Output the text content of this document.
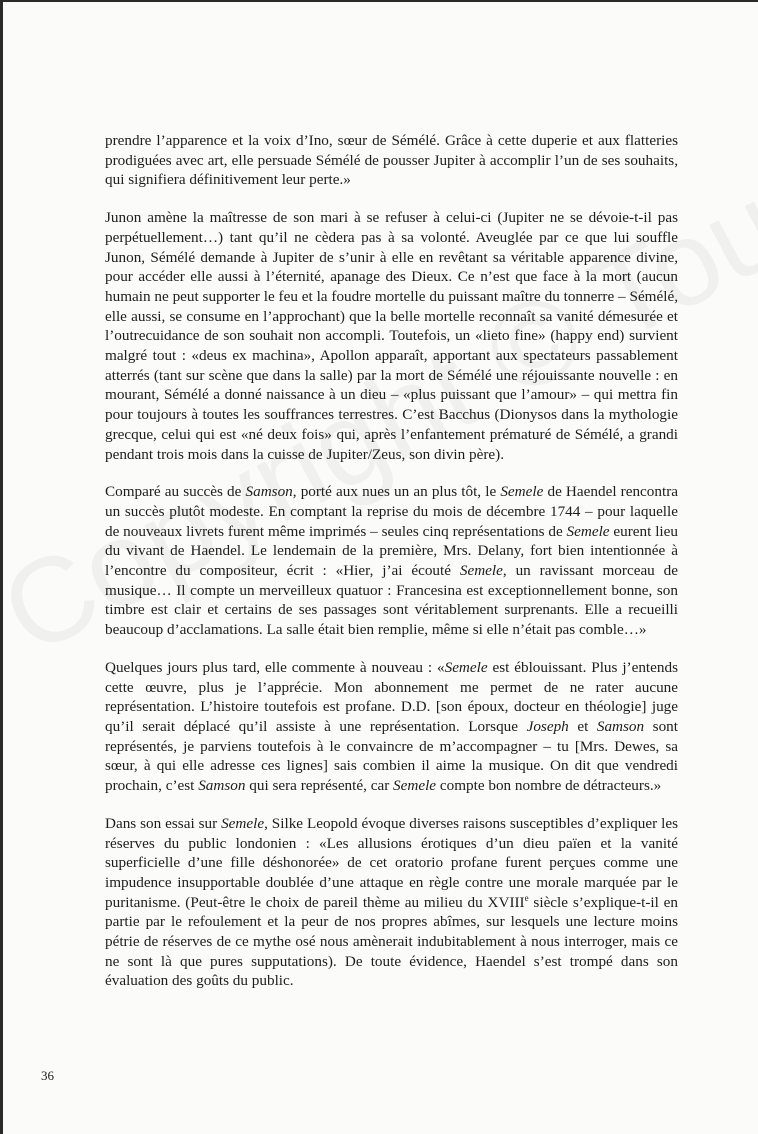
prendre l’apparence et la voix d’Ino, sœur de Sémélé. Grâce à cette duperie et aux flatteries prodiguées avec art, elle persuade Sémélé de pousser Jupiter à accomplir l’un de ses souhaits, qui signifiera définitivement leur perte.»

Junon amène la maîtresse de son mari à se refuser à celui-ci (Jupiter ne se dévoie-t-il pas perpétuellement…) tant qu’il ne cèdera pas à sa volonté. Aveuglée par ce que lui souffle Junon, Sémélé demande à Jupiter de s’unir à elle en revêtant sa véritable apparence divine, pour accéder elle aussi à l’éternité, apanage des Dieux. Ce n’est que face à la mort (aucun humain ne peut supporter le feu et la foudre mortelle du puissant maître du tonnerre – Sémélé, elle aussi, se consume en l’approchant) que la belle mortelle reconnaît sa vanité démesurée et l’outrecuidance de son souhait non accompli. Toutefois, un «lieto fine» (happy end) survient malgré tout : «deus ex machina», Apollon apparaît, apportant aux spectateurs passablement atterrés (tant sur scène que dans la salle) par la mort de Sémélé une réjouissante nouvelle : en mourant, Sémélé a donné naissance à un dieu – «plus puissant que l’amour» – qui mettra fin pour toujours à toutes les souffrances terrestres. C’est Bacchus (Dionysos dans la mythologie grecque, celui qui est «né deux fois» qui, après l’enfantement prématuré de Sémélé, a grandi pendant trois mois dans la cuisse de Jupiter/Zeus, son divin père).

Comparé au succès de Samson, porté aux nues un an plus tôt, le Semele de Haendel rencontra un succès plutôt modeste. En comptant la reprise du mois de décembre 1744 – pour laquelle de nouveaux livrets furent même imprimés – seules cinq représentations de Semele eurent lieu du vivant de Haendel. Le lendemain de la première, Mrs. Delany, fort bien intentionnée à l’encontre du compositeur, écrit : «Hier, j’ai écouté Semele, un ravissant morceau de musique… Il compte un merveilleux quatuor : Francesina est exceptionnellement bonne, son timbre est clair et certains de ses passages sont véritablement surprenants. Elle a recueilli beaucoup d’acclamations. La salle était bien remplie, même si elle n’était pas comble…»

Quelques jours plus tard, elle commente à nouveau : «Semele est éblouissant. Plus j’entends cette œuvre, plus je l’apprécie. Mon abonnement me permet de ne rater aucune représentation. L’histoire toutefois est profane. D.D. [son époux, docteur en théologie] juge qu’il serait déplacé qu’il assiste à une représentation. Lorsque Joseph et Samson sont représentés, je parviens toutefois à le convaincre de m’accompagner – tu [Mrs. Dewes, sa sœur, à qui elle adresse ces lignes] sais combien il aime la musique. On dit que vendredi prochain, c’est Samson qui sera représenté, car Semele compte bon nombre de détracteurs.»

Dans son essai sur Semele, Silke Leopold évoque diverses raisons susceptibles d’expliquer les réserves du public londonien : «Les allusions érotiques d’un dieu païen et la vanité superficielle d’une fille déshonorée» de cet oratorio profane furent perçues comme une impudence insupportable doublée d’une attaque en règle contre une morale marquée par le puritanisme. (Peut-être le choix de pareil thème au milieu du XVIIIe siècle s’explique-t-il en partie par le refoulement et la peur de nos propres abîmes, sur lesquels une lecture moins pétrie de réserves de ce mythe osé nous amènerait indubitablement à nous interroger, mais ce ne sont là que pures supputations). De toute évidence, Haendel s’est trompé dans son évaluation des goûts du public.

36
